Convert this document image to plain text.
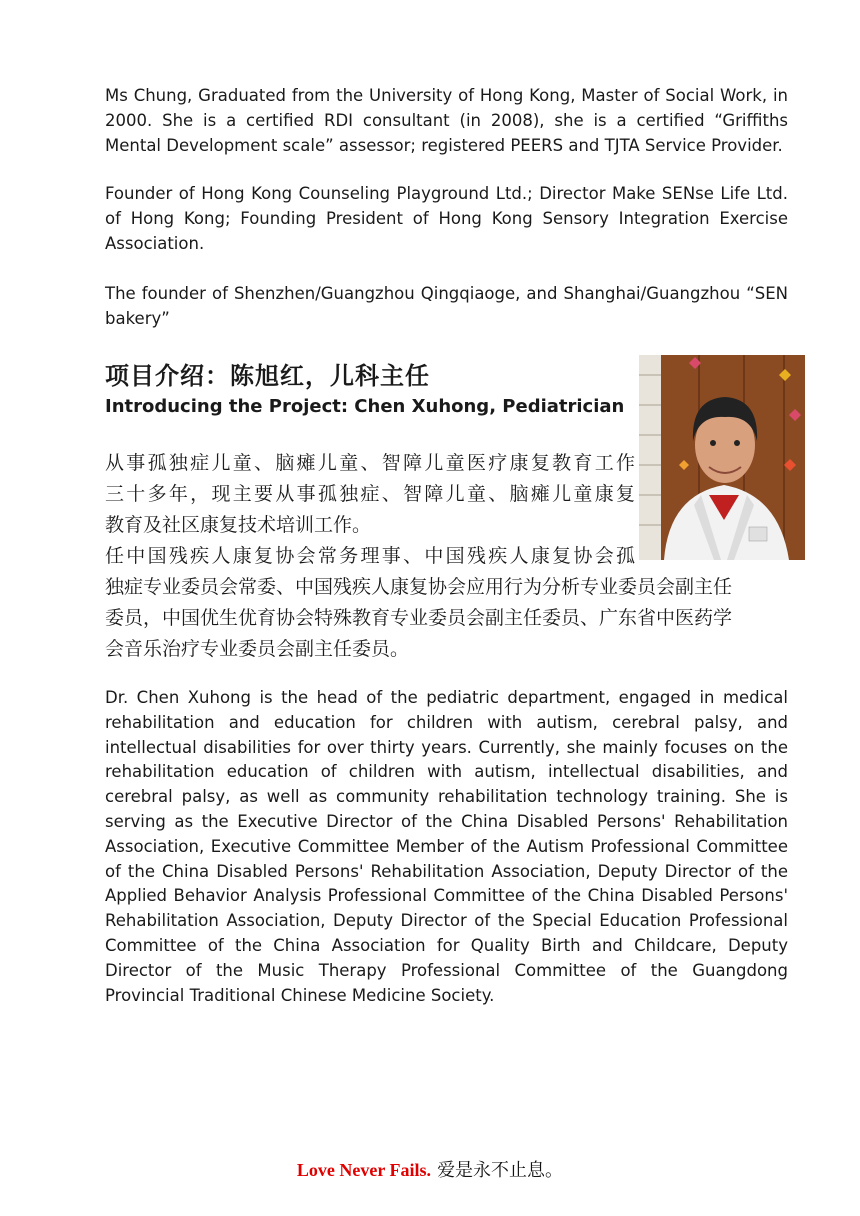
Ms Chung, Graduated from the University of Hong Kong, Master of Social Work, in 2000. She is a certified RDI consultant (in 2008), she is a certified “Griffiths Mental Development scale” assessor; registered PEERS and TJTA Service Provider.

Founder of Hong Kong Counseling Playground Ltd.; Director Make SENse Life Ltd. of Hong Kong; Founding President of Hong Kong Sensory Integration Exercise Association.

The founder of Shenzhen/Guangzhou Qingqiaoge, and Shanghai/Guangzhou “SEN bakery”

项目介绍：陈旭红，儿科主任
Introducing the Project: Chen Xuhong, Pediatrician
从事孤独症儿童、脑瘫儿童、智障儿童医疗康复教育工作
三十多年，现主要从事孤独症、智障儿童、脑瘫儿童康复
教育及社区康复技术培训工作。
任中国残疾人康复协会常务理事、中国残疾人康复协会孤
独症专业委员会常委、中国残疾人康复协会应用行为分析专业委员会副主任
委员，中国优生优育协会特殊教育专业委员会副主任委员、广东省中医药学
会音乐治疗专业委员会副主任委员。

Dr. Chen Xuhong is the head of the pediatric department, engaged in medical rehabilitation and education for children with autism, cerebral palsy, and intellectual disabilities for over thirty years. Currently, she mainly focuses on the rehabilitation education of children with autism, intellectual disabilities, and cerebral palsy, as well as community rehabilitation technology training. She is serving as the Executive Director of the China Disabled Persons' Rehabilitation Association, Executive Committee Member of the Autism Professional Committee of the China Disabled Persons' Rehabilitation Association, Deputy Director of the Applied Behavior Analysis Professional Committee of the China Disabled Persons' Rehabilitation Association, Deputy Director of the Special Education Professional Committee of the China Association for Quality Birth and Childcare, Deputy Director of the Music Therapy Professional Committee of the Guangdong Provincial Traditional Chinese Medicine Society.

Love Never Fails. 爱是永不止息。
